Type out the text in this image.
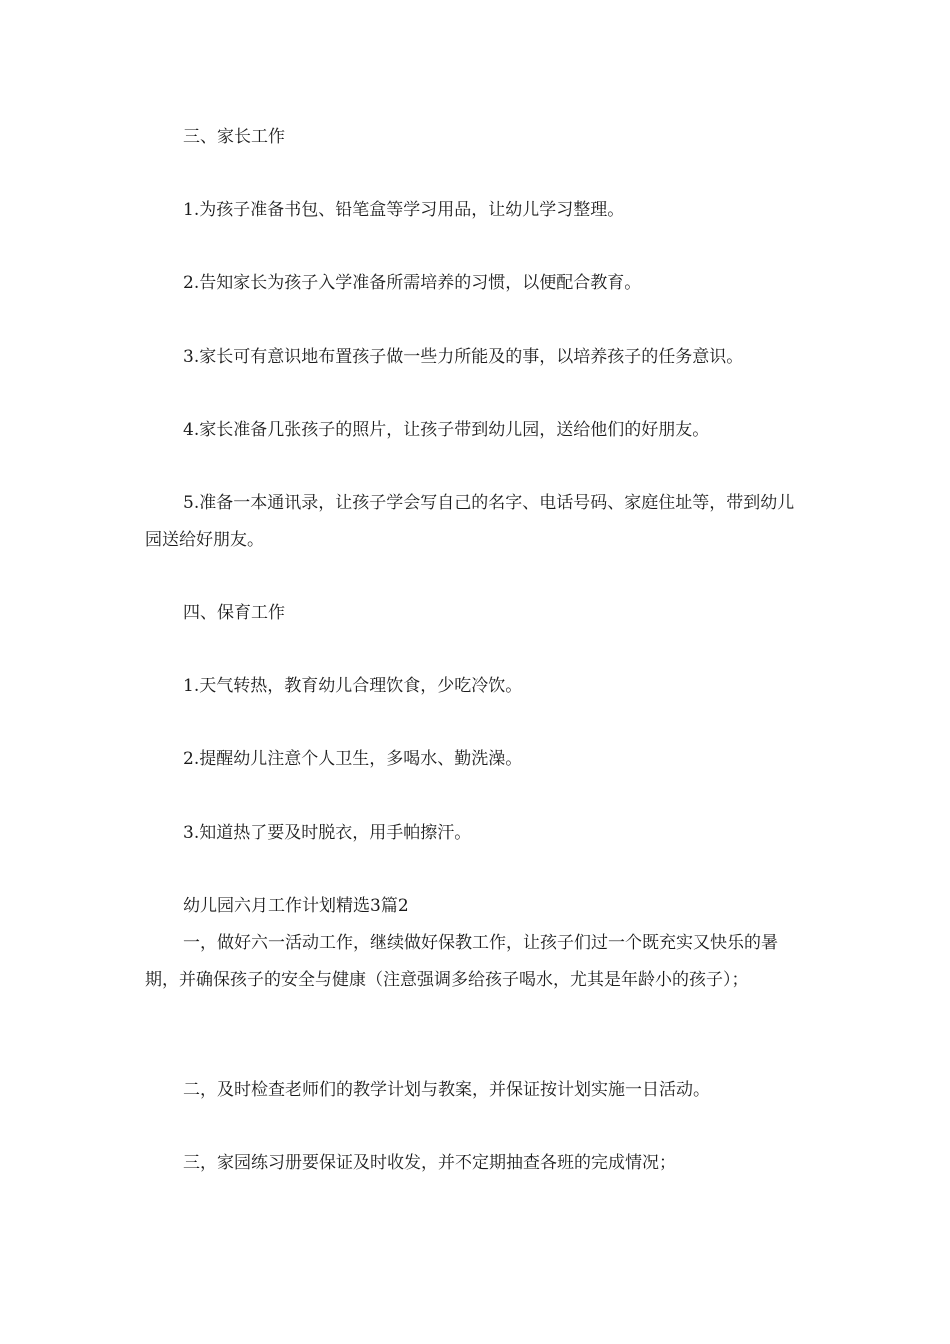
三、家长工作

1.为孩子准备书包、铅笔盒等学习用品，让幼儿学习整理。

2.告知家长为孩子入学准备所需培养的习惯，以便配合教育。

3.家长可有意识地布置孩子做一些力所能及的事，以培养孩子的任务意识。

4.家长准备几张孩子的照片，让孩子带到幼儿园，送给他们的好朋友。

5.准备一本通讯录，让孩子学会写自己的名字、电话号码、家庭住址等，带到幼儿园送给好朋友。

四、保育工作

1.天气转热，教育幼儿合理饮食，少吃冷饮。

2.提醒幼儿注意个人卫生，多喝水、勤洗澡。

3.知道热了要及时脱衣，用手帕擦汗。

幼儿园六月工作计划精选3篇2

一，做好六一活动工作，继续做好保教工作，让孩子们过一个既充实又快乐的暑期，并确保孩子的安全与健康（注意强调多给孩子喝水，尤其是年龄小的孩子）；

二，及时检查老师们的教学计划与教案，并保证按计划实施一日活动。

三，家园练习册要保证及时收发，并不定期抽查各班的完成情况；
